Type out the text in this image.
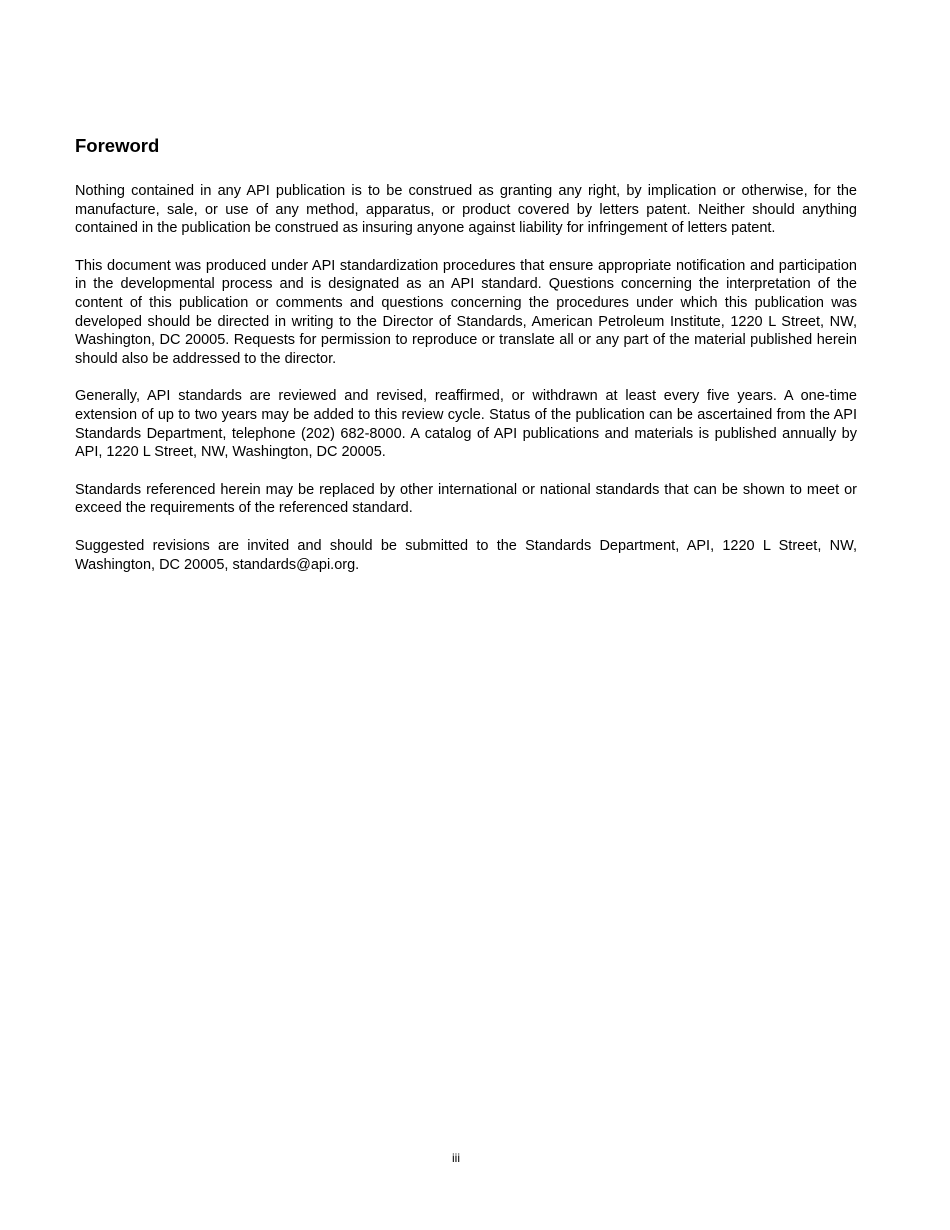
Foreword

Nothing contained in any API publication is to be construed as granting any right, by implication or otherwise, for the manufacture, sale, or use of any method, apparatus, or product covered by letters patent. Neither should anything contained in the publication be construed as insuring anyone against liability for infringement of letters patent.

This document was produced under API standardization procedures that ensure appropriate notification and participation in the developmental process and is designated as an API standard. Questions concerning the interpretation of the content of this publication or comments and questions concerning the procedures under which this publication was developed should be directed in writing to the Director of Standards, American Petroleum Institute, 1220 L Street, NW, Washington, DC 20005. Requests for permission to reproduce or translate all or any part of the material published herein should also be addressed to the director.

Generally, API standards are reviewed and revised, reaffirmed, or withdrawn at least every five years. A one-time extension of up to two years may be added to this review cycle. Status of the publication can be ascertained from the API Standards Department, telephone (202) 682-8000. A catalog of API publications and materials is published annually by API, 1220 L Street, NW, Washington, DC 20005.

Standards referenced herein may be replaced by other international or national standards that can be shown to meet or exceed the requirements of the referenced standard.

Suggested revisions are invited and should be submitted to the Standards Department, API, 1220 L Street, NW, Washington, DC 20005, standards@api.org.

iii
